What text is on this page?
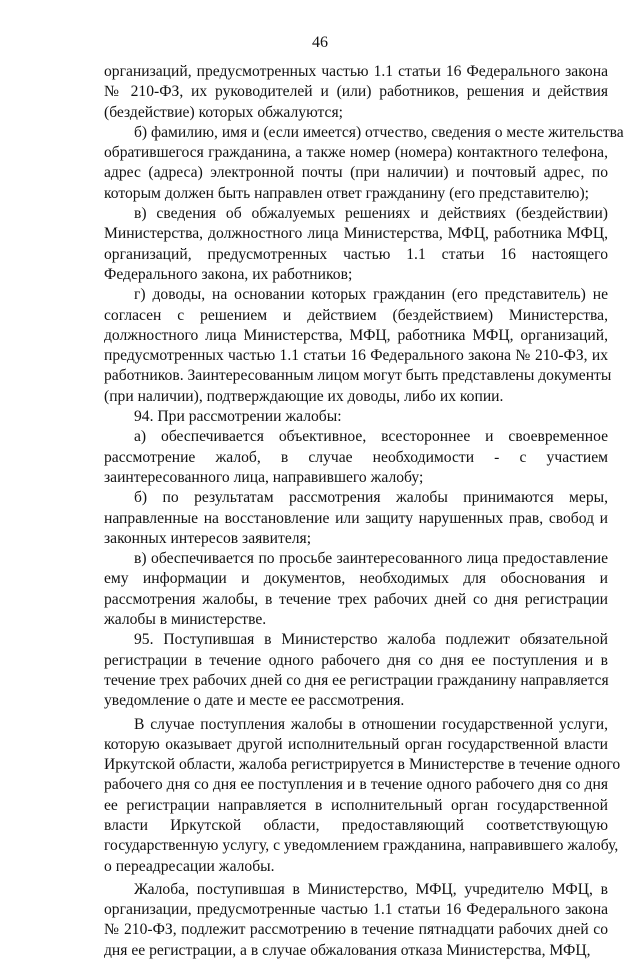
46
организаций, предусмотренных частью 1.1 статьи 16 Федерального закона
№ 210-ФЗ, их руководителей и (или) работников, решения и действия
(бездействие) которых обжалуются;
б) фамилию, имя и (если имеется) отчество, сведения о месте жительства
обратившегося гражданина, а также номер (номера) контактного телефона,
адрес (адреса) электронной почты (при наличии) и почтовый адрес, по
которым должен быть направлен ответ гражданину (его представителю);
в) сведения об обжалуемых решениях и действиях (бездействии)
Министерства, должностного лица Министерства, МФЦ, работника МФЦ,
организаций, предусмотренных частью 1.1 статьи 16 настоящего
Федерального закона, их работников;
г) доводы, на основании которых гражданин (его представитель) не
согласен с решением и действием (бездействием) Министерства,
должностного лица Министерства, МФЦ, работника МФЦ, организаций,
предусмотренных частью 1.1 статьи 16 Федерального закона № 210-ФЗ, их
работников. Заинтересованным лицом могут быть представлены документы
(при наличии), подтверждающие их доводы, либо их копии.
94. При рассмотрении жалобы:
а) обеспечивается объективное, всестороннее и своевременное
рассмотрение жалоб, в случае необходимости - с участием
заинтересованного лица, направившего жалобу;
б) по результатам рассмотрения жалобы принимаются меры,
направленные на восстановление или защиту нарушенных прав, свобод и
законных интересов заявителя;
в) обеспечивается по просьбе заинтересованного лица предоставление
ему информации и документов, необходимых для обоснования и
рассмотрения жалобы, в течение трех рабочих дней со дня регистрации
жалобы в министерстве.
95. Поступившая в Министерство жалоба подлежит обязательной
регистрации в течение одного рабочего дня со дня ее поступления и в
течение трех рабочих дней со дня ее регистрации гражданину направляется
уведомление о дате и месте ее рассмотрения.
В случае поступления жалобы в отношении государственной услуги,
которую оказывает другой исполнительный орган государственной власти
Иркутской области, жалоба регистрируется в Министерстве в течение одного
рабочего дня со дня ее поступления и в течение одного рабочего дня со дня
ее регистрации направляется в исполнительный орган государственной
власти Иркутской области, предоставляющий соответствующую
государственную услугу, с уведомлением гражданина, направившего жалобу,
о переадресации жалобы.
Жалоба, поступившая в Министерство, МФЦ, учредителю МФЦ, в
организации, предусмотренные частью 1.1 статьи 16 Федерального закона
№ 210-ФЗ, подлежит рассмотрению в течение пятнадцати рабочих дней со
дня ее регистрации, а в случае обжалования отказа Министерства, МФЦ,
